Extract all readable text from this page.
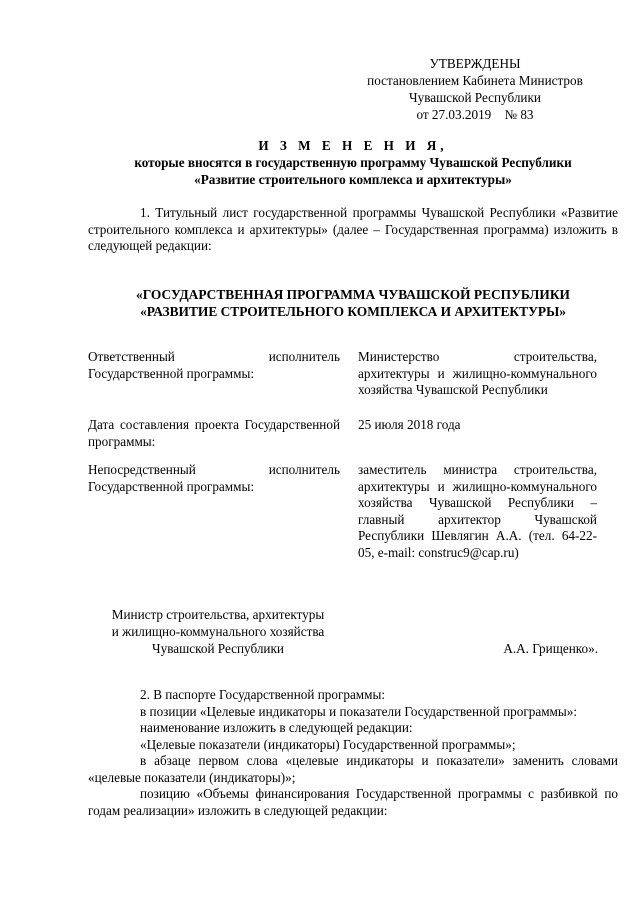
УТВЕРЖДЕНЫ
постановлением Кабинета Министров
Чувашской Республики
от 27.03.2019    № 83
И З М Е Н Е Н И Я,
которые вносятся в государственную программу Чувашской Республики
«Развитие строительного комплекса и архитектуры»
1. Титульный лист государственной программы Чувашской Республики «Развитие строительного комплекса и архитектуры» (далее – Государственная программа) изложить в следующей редакции:
«ГОСУДАРСТВЕННАЯ ПРОГРАММА ЧУВАШСКОЙ РЕСПУБЛИКИ
«РАЗВИТИЕ СТРОИТЕЛЬНОГО КОМПЛЕКСА И АРХИТЕКТУРЫ»
Ответственный исполнитель Государственной программы:
Министерство строительства, архитектуры и жилищно-коммунального хозяйства Чувашской Республики
Дата составления проекта Государственной программы:
25 июля 2018 года
Непосредственный исполнитель Государственной программы:
заместитель министра строительства, архитектуры и жилищно-коммунального хозяйства Чувашской Республики – главный архитектор Чувашской Республики Шевлягин А.А. (тел. 64-22-05, e-mail: construc9@cap.ru)
Министр строительства, архитектуры
и жилищно-коммунального хозяйства
Чувашской Республики	А.А. Грищенко».
2. В паспорте Государственной программы:
в позиции «Целевые индикаторы и показатели Государственной программы»:
наименование изложить в следующей редакции:
«Целевые показатели (индикаторы) Государственной программы»;
в абзаце первом слова «целевые индикаторы и показатели» заменить словами «целевые показатели (индикаторы)»;
позицию «Объемы финансирования Государственной программы с разбивкой по годам реализации» изложить в следующей редакции:
